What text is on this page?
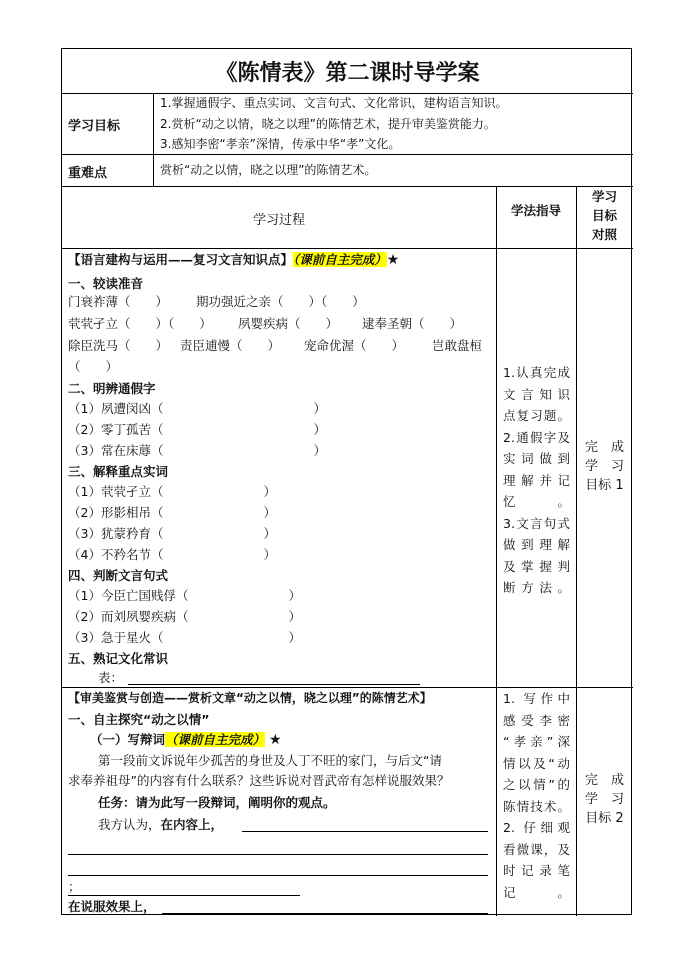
《陈情表》第二课时导学案
学习目标
1.掌握通假字、重点实词、文言句式、文化常识，建构语言知识。
2.赏析“动之以情，晓之以理”的陈情艺术，提升审美鉴赏能力。
3.感知李密“孝亲”深情，传承中华“孝”文化。
重难点	赏析“动之以情，晓之以理”的陈情艺术。
学习过程
学法指导
学习
目标
对照
【语言建构与运用——复习文言知识点】（课前自主完成）★
一、较读准音
门衰祚薄（　　） 期功强近之亲（　　）（　　）
茕茕孑立（　　）（　　） 夙婴疾病（　　） 逮奉圣朝（　　）
除臣洗马（　　） 责臣逋慢（　　） 宠命优渥（　　） 岂敢盘桓
（　　）
二、明辨通假字
（1）夙遭闵凶（　　　　　　　　　　　　）
（2）零丁孤苦（　　　　　　　　　　　　）
（3）常在床蓐（　　　　　　　　　　　　）
三、解释重点实词
（1）茕茕孑立（　　　　　　　　）
（2）形影相吊（　　　　　　　　）
（3）犹蒙矜育（　　　　　　　　）
（4）不矜名节（　　　　　　　　）
四、判断文言句式
（1）今臣亡国贱俘（　　　　　　　　）
（2）而刘夙婴疾病（　　　　　　　　）
（3）急于星火（　　　　　　　　　　）
五、熟记文化常识
表：
1.认真完成
文言知识
点复习题。
2.通假字及
实词做到
理解并记
忆。
3.文言句式
做到理解
及掌握判
断方法。
完　成
学　习
目标 1
【审美鉴赏与创造——赏析文章“动之以情，晓之以理”的陈情艺术】
一、自主探究“动之以情”
（一）写辩词（课前自主完成） ★
第一段前文诉说年少孤苦的身世及人丁不旺的家门，与后文“请
求奉养祖母”的内容有什么联系？这些诉说对晋武帝有怎样说服效果？
任务：请为此写一段辩词，阐明你的观点。
我方认为，在内容上，
；
在说服效果上，
1. 写作中
感受李密
“孝亲”深
情以及“动
之以情”的
陈情技术。
2. 仔细观
看微课，及
时记录笔
记。
完　成
学　习
目标 2
